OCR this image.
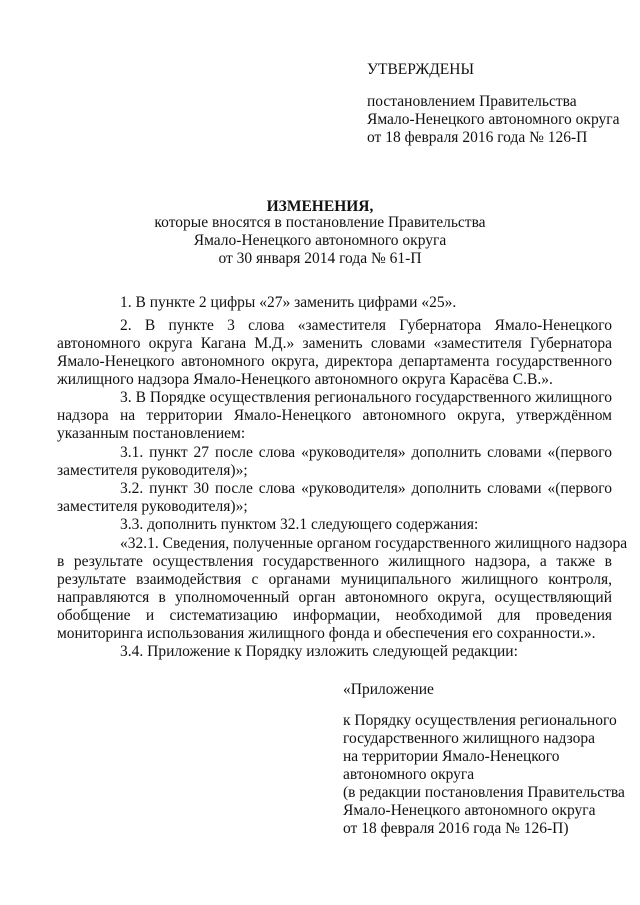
УТВЕРЖДЕНЫ
постановлением Правительства
Ямало-Ненецкого автономного округа
от 18 февраля 2016 года № 126-П
ИЗМЕНЕНИЯ,
которые вносятся в постановление Правительства
Ямало-Ненецкого автономного округа
от 30 января 2014 года № 61-П
1. В пункте 2 цифры «27» заменить цифрами «25».
2. В пункте 3 слова «заместителя Губернатора Ямало-Ненецкого
автономного округа Кагана М.Д.» заменить словами «заместителя Губернатора
Ямало-Ненецкого автономного округа, директора департамента государственного
жилищного надзора Ямало-Ненецкого автономного округа Карасёва С.В.».
3. В Порядке осуществления регионального государственного жилищного
надзора на территории Ямало-Ненецкого автономного округа, утверждённом
указанным постановлением:
3.1. пункт 27 после слова «руководителя» дополнить словами «(первого
заместителя руководителя)»;
3.2. пункт 30 после слова «руководителя» дополнить словами «(первого
заместителя руководителя)»;
3.3. дополнить пунктом 32.1 следующего содержания:
«32.1. Сведения, полученные органом государственного жилищного надзора
в результате осуществления государственного жилищного надзора, а также в
результате взаимодействия с органами муниципального жилищного контроля,
направляются в уполномоченный орган автономного округа, осуществляющий
обобщение и систематизацию информации, необходимой для проведения
мониторинга использования жилищного фонда и обеспечения его сохранности.».
3.4. Приложение к Порядку изложить следующей редакции:
«Приложение
к Порядку осуществления регионального
государственного жилищного надзора
на территории Ямало-Ненецкого
автономного округа
(в редакции постановления Правительства
Ямало-Ненецкого автономного округа
от 18 февраля 2016 года № 126-П)
